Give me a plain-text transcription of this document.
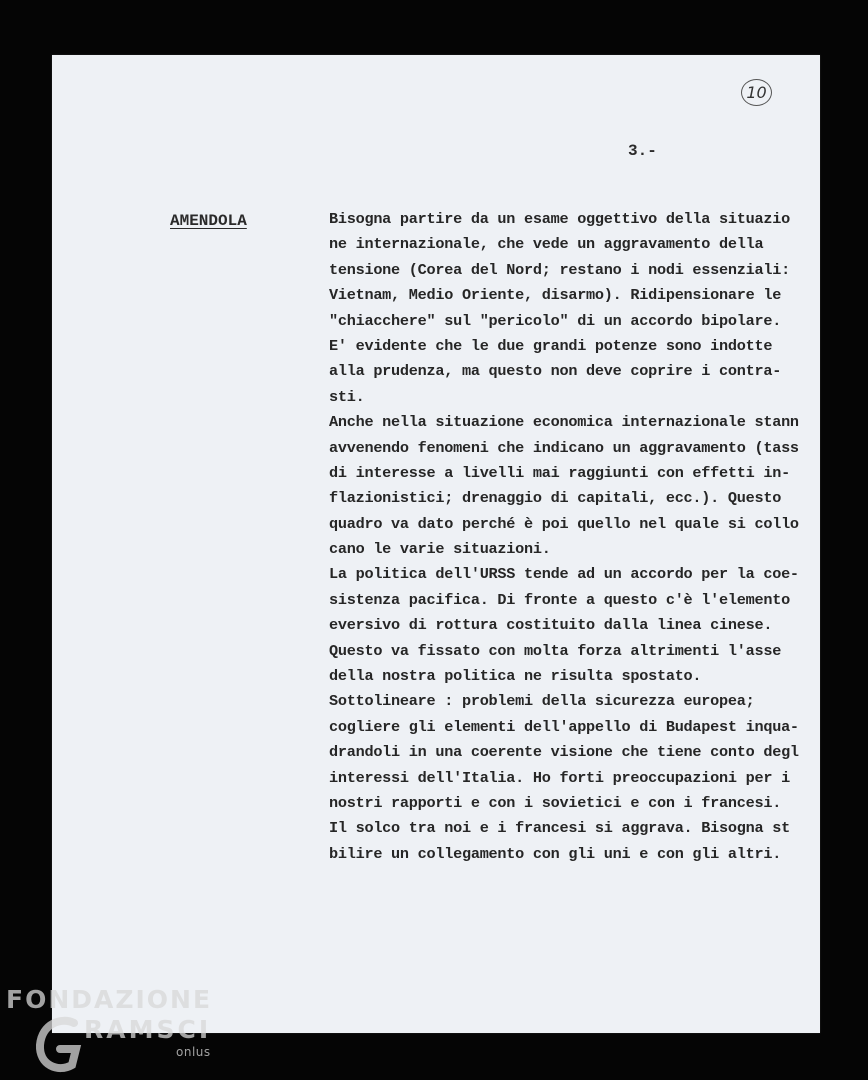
10
3.-
AMENDOLA	Bisogna partire da un esame oggettivo della situazio
ne internazionale, che vede un aggravamento della
tensione (Corea del Nord; restano i nodi essenziali:
Vietnam, Medio Oriente, disarmo). Ridipensionare le
"chiacchere" sul "pericolo" di un accordo bipolare.
E' evidente che le due grandi potenze sono indotte
alla prudenza, ma questo non deve coprire i contra-
sti.
Anche nella situazione economica internazionale stann
avvenendo fenomeni che indicano un aggravamento (tass
di interesse a livelli mai raggiunti con effetti in-
flazionistici; drenaggio di capitali, ecc.). Questo
quadro va dato perché è poi quello nel quale si collo
cano le varie situazioni.
La politica dell'URSS tende ad un accordo per la coe-
sistenza pacifica. Di fronte a questo c'è l'elemento
eversivo di rottura costituito dalla linea cinese.
Questo va fissato con molta forza altrimenti l'asse
della nostra politica ne risulta spostato.
Sottolineare : problemi della sicurezza europea;
cogliere gli elementi dell'appello di Budapest inqua-
drandoli in una coerente visione che tiene conto degl
interessi dell'Italia. Ho forti preoccupazioni per i
nostri rapporti e con i sovietici e con i francesi.
Il solco tra noi e i francesi si aggrava. Bisogna st
bilire un collegamento con gli uni e con gli altri.
FONDAZIONE
RAMSCI
onlus
